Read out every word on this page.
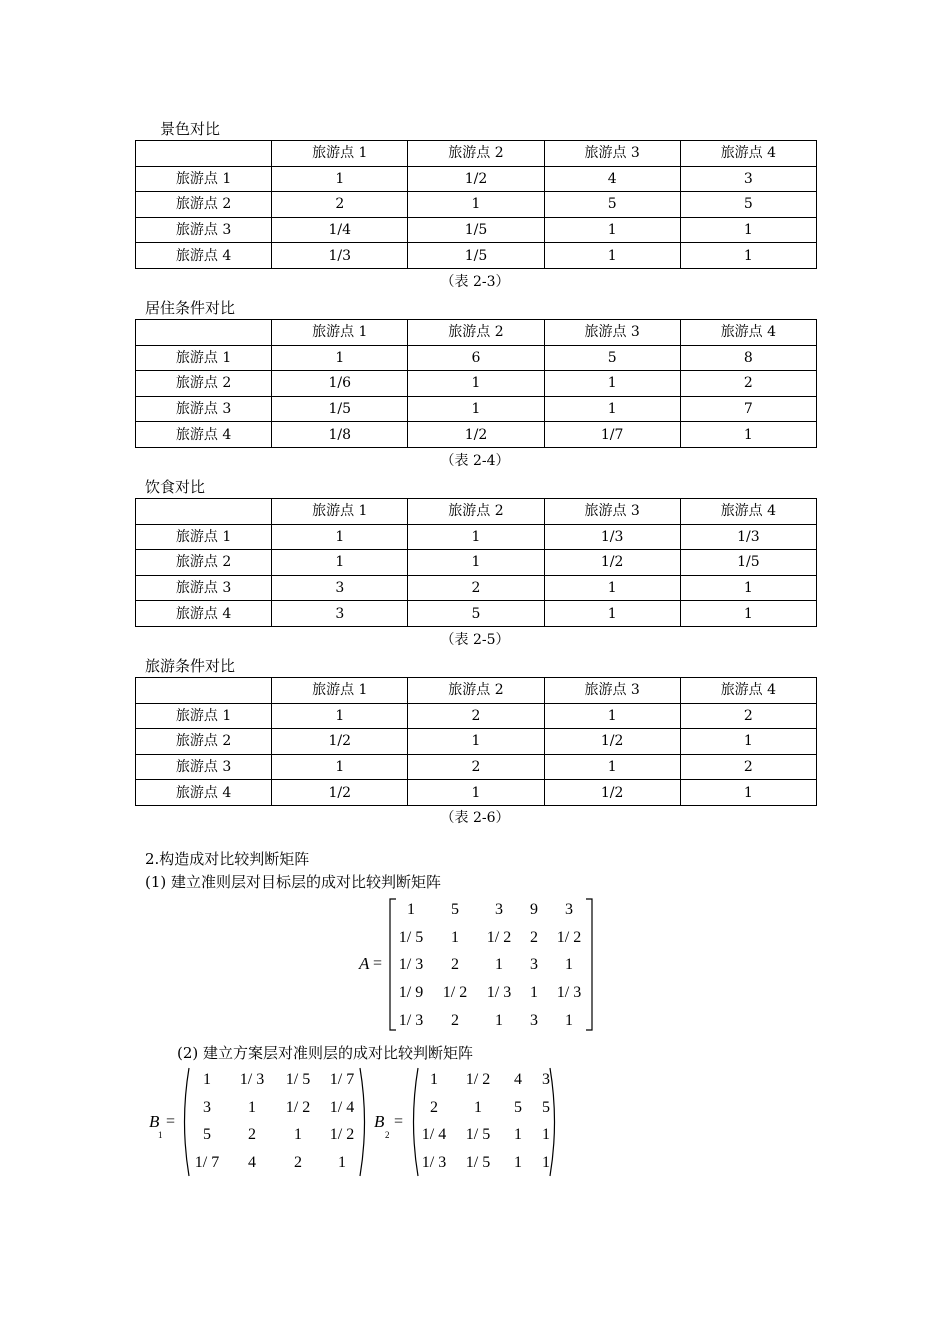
景色对比
	旅游点 1	旅游点 2	旅游点 3	旅游点 4
旅游点 1	1	1/2	4	3
旅游点 2	2	1	5	5
旅游点 3	1/4	1/5	1	1
旅游点 4	1/3	1/5	1	1
（表 2-3）
居住条件对比
	旅游点 1	旅游点 2	旅游点 3	旅游点 4
旅游点 1	1	6	5	8
旅游点 2	1/6	1	1	2
旅游点 3	1/5	1	1	7
旅游点 4	1/8	1/2	1/7	1
（表 2-4）
饮食对比
	旅游点 1	旅游点 2	旅游点 3	旅游点 4
旅游点 1	1	1	1/3	1/3
旅游点 2	1	1	1/2	1/5
旅游点 3	3	2	1	1
旅游点 4	3	5	1	1
（表 2-5）
旅游条件对比
	旅游点 1	旅游点 2	旅游点 3	旅游点 4
旅游点 1	1	2	1	2
旅游点 2	1/2	1	1/2	1
旅游点 3	1	2	1	2
旅游点 4	1/2	1	1/2	1
（表 2-6）
2.构造成对比较判断矩阵
(1) 建立准则层对目标层的成对比较判断矩阵
A =
1	5	3	9	3
1/ 5	1	1/ 2	2	1/ 2
1/ 3	2	1	3	1
1/ 9	1/ 2	1/ 3	1	1/ 3
1/ 3	2	1	3	1
(2) 建立方案层对准则层的成对比较判断矩阵
B
1
=
1	1/ 3	1/ 5	1/ 7
3	1	1/ 2	1/ 4
5	2	1	1/ 2
1/ 7	4	2	1
B
2
=
1	1/ 2	4	3
2	1	5	5
1/ 4	1/ 5	1	1
1/ 3	1/ 5	1	1
